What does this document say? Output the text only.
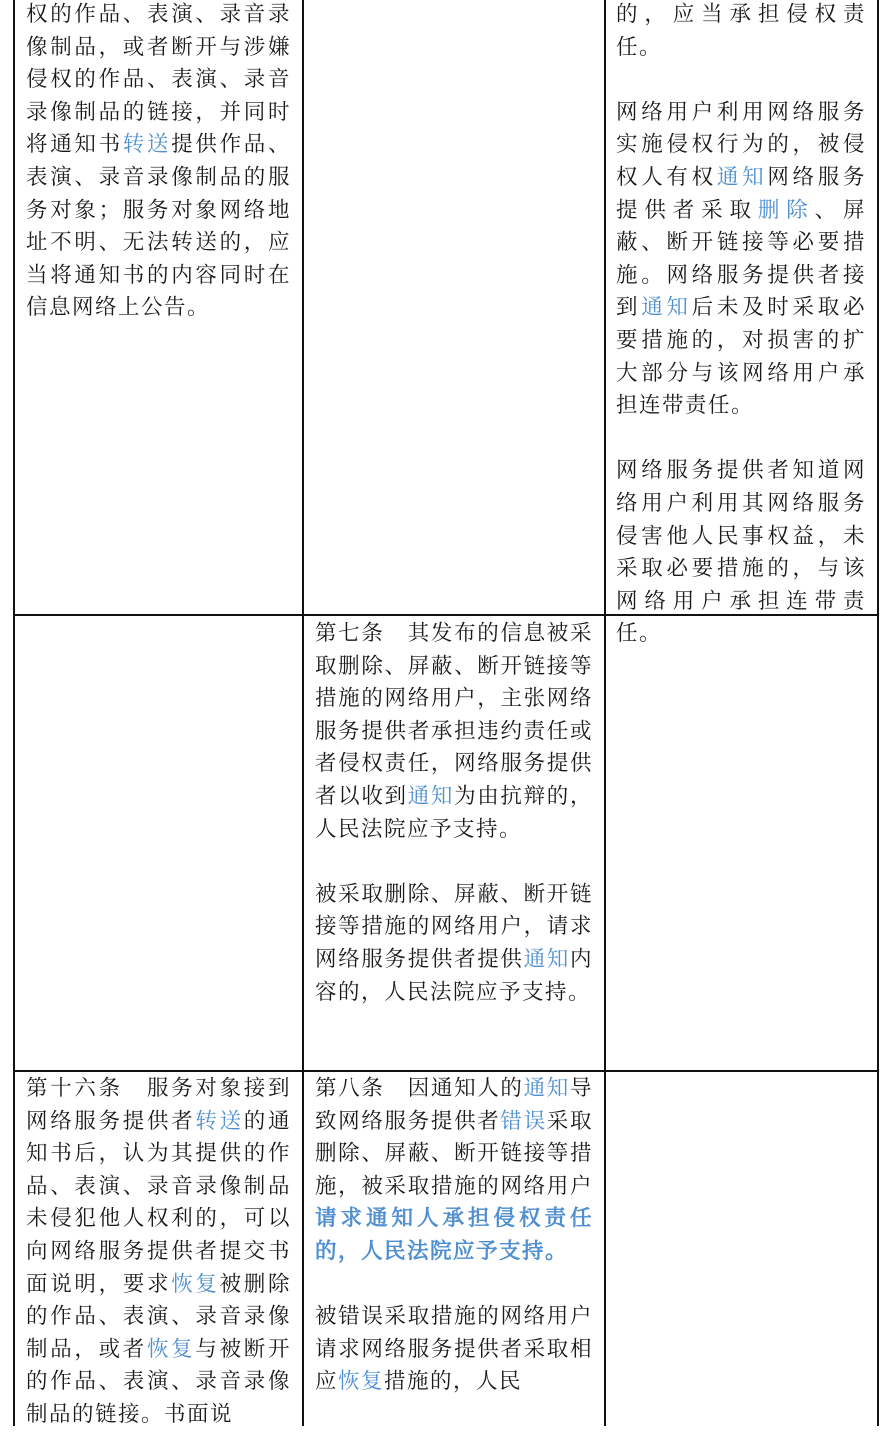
权的作品、表演、录音录像制品，或者断开与涉嫌侵权的作品、表演、录音录像制品的链接，并同时将通知书转送提供作品、表演、录音录像制品的服务对象；服务对象网络地址不明、无法转送的，应当将通知书的内容同时在信息网络上公告。

的，应当承担侵权责任。

网络用户利用网络服务实施侵权行为的，被侵权人有权通知网络服务提供者采取删除、屏蔽、断开链接等必要措施。网络服务提供者接到通知后未及时采取必要措施的，对损害的扩大部分与该网络用户承担连带责任。

网络服务提供者知道网络用户利用其网络服务侵害他人民事权益，未采取必要措施的，与该网络用户承担连带责任。

第七条　其发布的信息被采取删除、屏蔽、断开链接等措施的网络用户，主张网络服务提供者承担违约责任或者侵权责任，网络服务提供者以收到通知为由抗辩的，人民法院应予支持。

被采取删除、屏蔽、断开链接等措施的网络用户，请求网络服务提供者提供通知内容的，人民法院应予支持。

第十六条　服务对象接到网络服务提供者转送的通知书后，认为其提供的作品、表演、录音录像制品未侵犯他人权利的，可以向网络服务提供者提交书面说明，要求恢复被删除的作品、表演、录音录像制品，或者恢复与被断开的作品、表演、录音录像制品的链接。书面说

第八条　因通知人的通知导致网络服务提供者错误采取删除、屏蔽、断开链接等措施，被采取措施的网络用户请求通知人承担侵权责任的，人民法院应予支持。

被错误采取措施的网络用户请求网络服务提供者采取相应恢复措施的，人民
